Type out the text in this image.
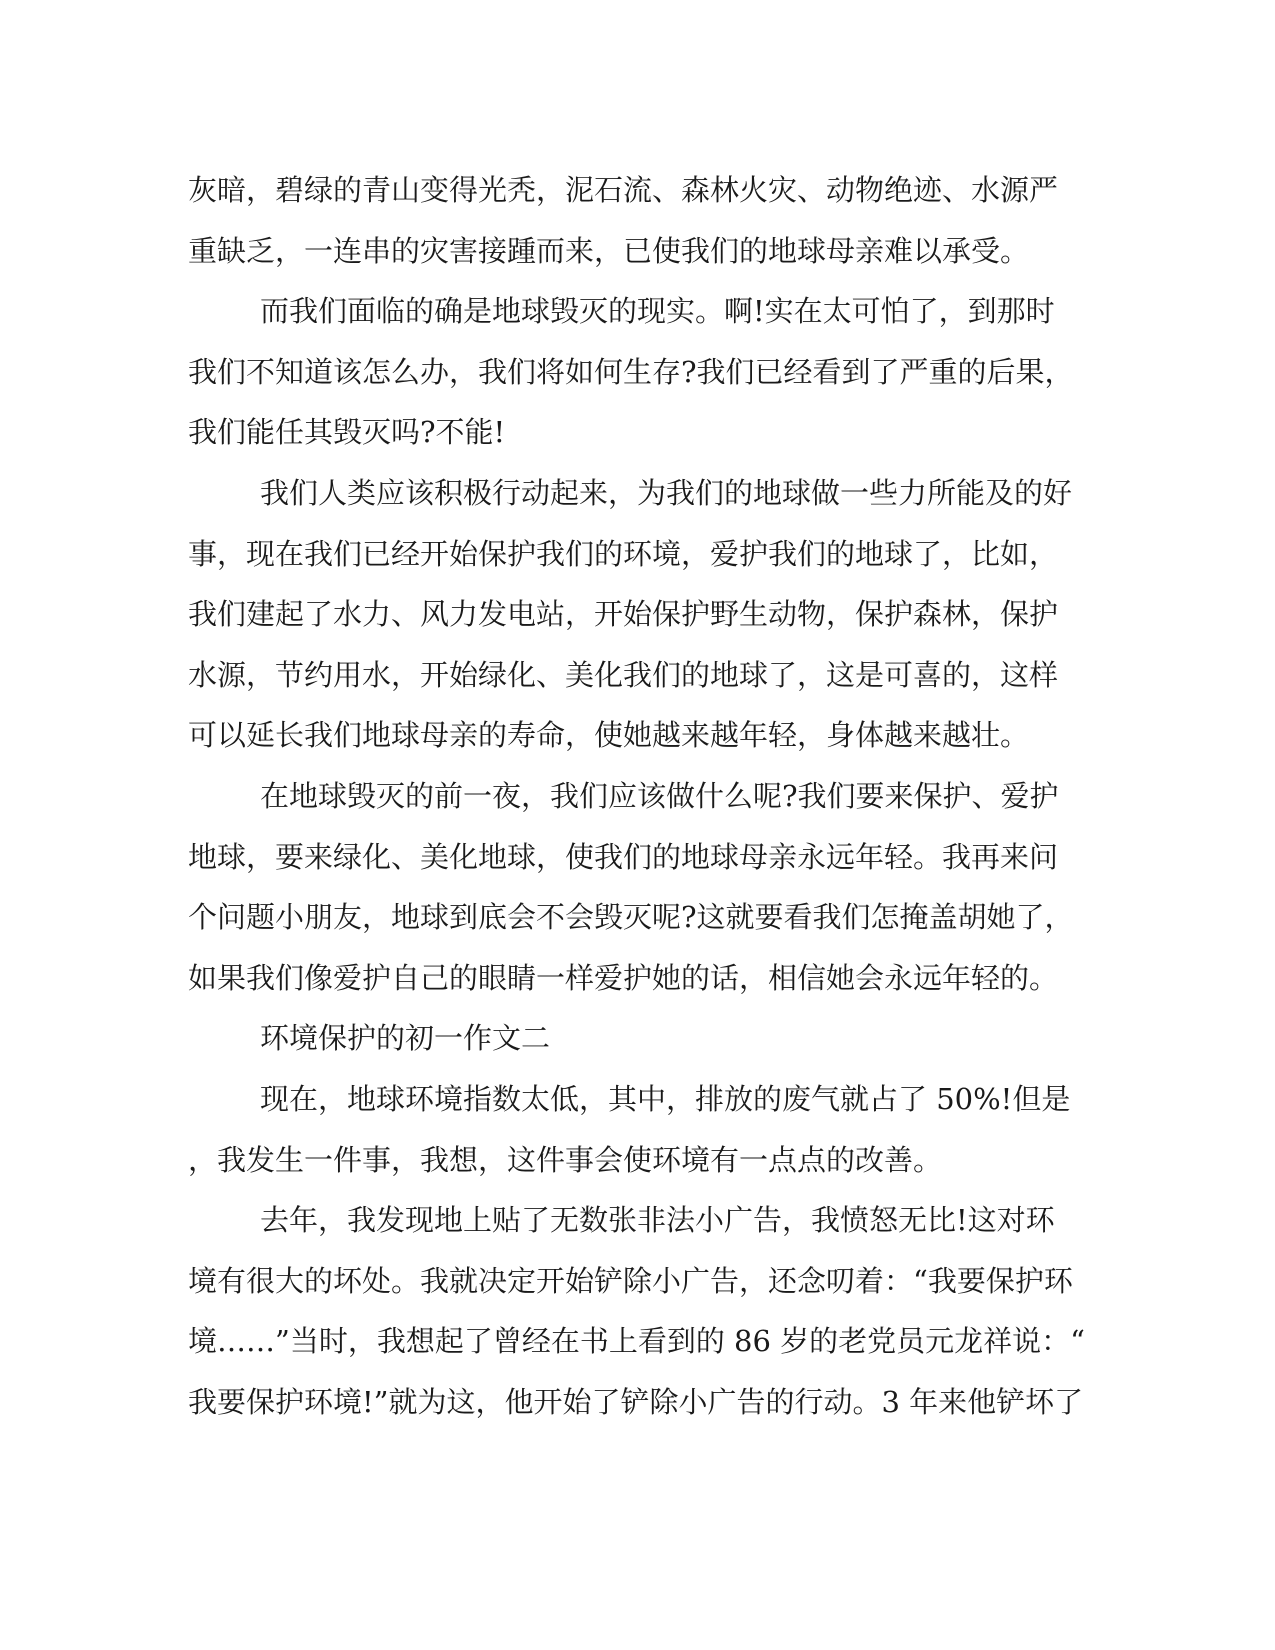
灰暗，碧绿的青山变得光秃，泥石流、森林火灾、动物绝迹、水源严
重缺乏，一连串的灾害接踵而来，已使我们的地球母亲难以承受。
而我们面临的确是地球毁灭的现实。啊!实在太可怕了，到那时
我们不知道该怎么办，我们将如何生存?我们已经看到了严重的后果，
我们能任其毁灭吗?不能!
我们人类应该积极行动起来，为我们的地球做一些力所能及的好
事，现在我们已经开始保护我们的环境，爱护我们的地球了，比如，
我们建起了水力、风力发电站，开始保护野生动物，保护森林，保护
水源，节约用水，开始绿化、美化我们的地球了，这是可喜的，这样
可以延长我们地球母亲的寿命，使她越来越年轻，身体越来越壮。
在地球毁灭的前一夜，我们应该做什么呢?我们要来保护、爱护
地球，要来绿化、美化地球，使我们的地球母亲永远年轻。我再来问
个问题小朋友，地球到底会不会毁灭呢?这就要看我们怎掩盖胡她了，
如果我们像爱护自己的眼睛一样爱护她的话，相信她会永远年轻的。
环境保护的初一作文二
现在，地球环境指数太低，其中，排放的废气就占了 50%!但是
，我发生一件事，我想，这件事会使环境有一点点的改善。
去年，我发现地上贴了无数张非法小广告，我愤怒无比!这对环
境有很大的坏处。我就决定开始铲除小广告，还念叨着：“我要保护环
境……”当时，我想起了曾经在书上看到的 86 岁的老党员元龙祥说：“
我要保护环境!”就为这，他开始了铲除小广告的行动。3 年来他铲坏了
